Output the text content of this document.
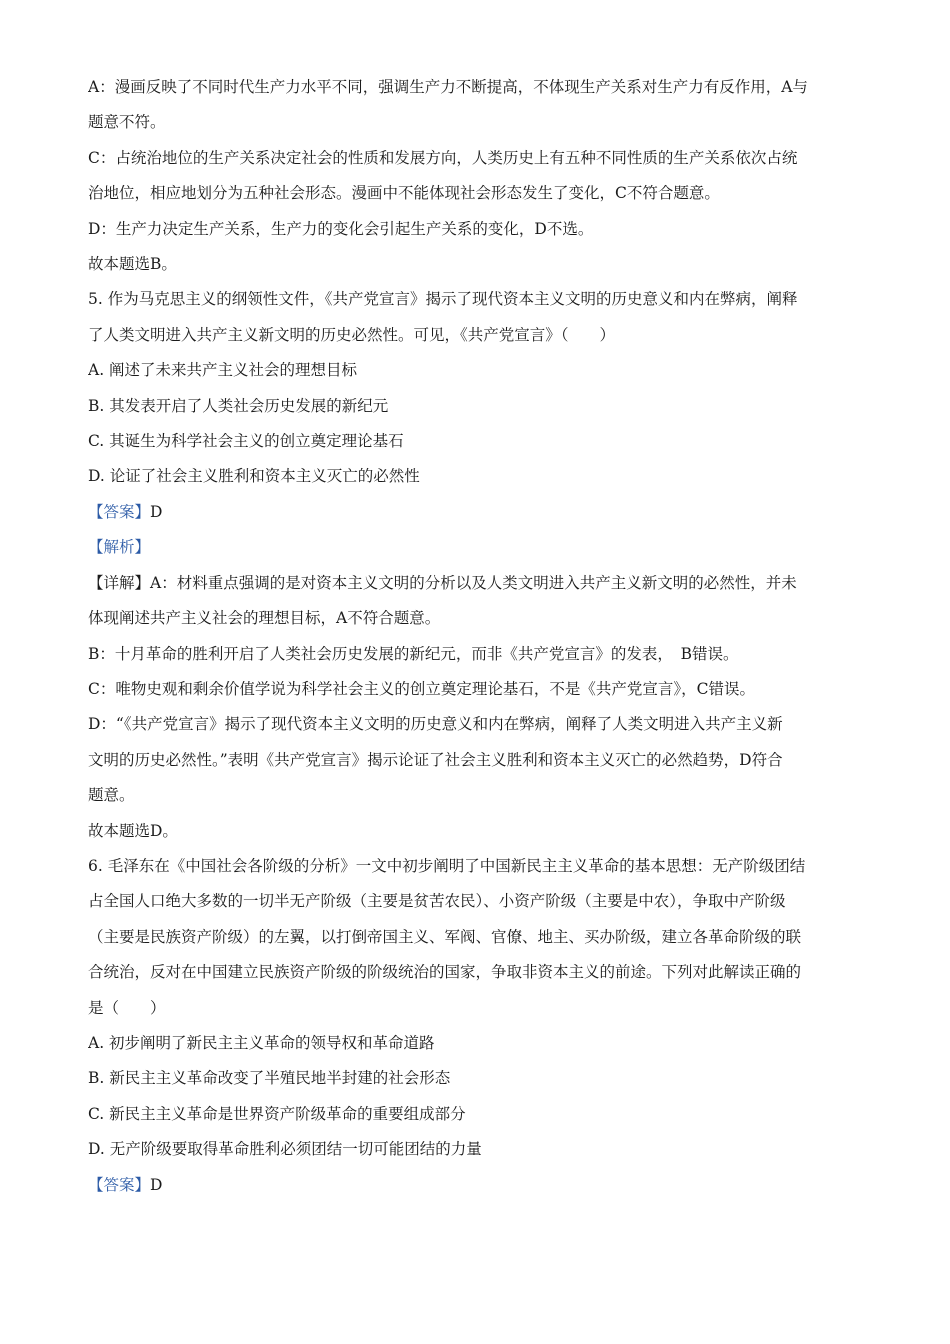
A：漫画反映了不同时代生产力水平不同，强调生产力不断提高，不体现生产关系对生产力有反作用，A与
题意不符。
C：占统治地位的生产关系决定社会的性质和发展方向，人类历史上有五种不同性质的生产关系依次占统
治地位，相应地划分为五种社会形态。漫画中不能体现社会形态发生了变化，C不符合题意。
D：生产力决定生产关系，生产力的变化会引起生产关系的变化，D不选。
故本题选B。
5. 作为马克思主义的纲领性文件，《共产党宣言》揭示了现代资本主义文明的历史意义和内在弊病，阐释
了人类文明进入共产主义新文明的历史必然性。可见，《共产党宣言》（　　）
A. 阐述了未来共产主义社会的理想目标
B. 其发表开启了人类社会历史发展的新纪元
C. 其诞生为科学社会主义的创立奠定理论基石
D. 论证了社会主义胜利和资本主义灭亡的必然性
【答案】D
【解析】
【详解】A：材料重点强调的是对资本主义文明的分析以及人类文明进入共产主义新文明的必然性，并未
体现阐述共产主义社会的理想目标，A不符合题意。
B：十月革命的胜利开启了人类社会历史发展的新纪元，而非《共产党宣言》的发表，　B错误。
C：唯物史观和剩余价值学说为科学社会主义的创立奠定理论基石，不是《共产党宣言》，C错误。
D：“《共产党宣言》揭示了现代资本主义文明的历史意义和内在弊病，阐释了人类文明进入共产主义新
文明的历史必然性。”表明《共产党宣言》揭示论证了社会主义胜利和资本主义灭亡的必然趋势，D符合
题意。
故本题选D。
6. 毛泽东在《中国社会各阶级的分析》一文中初步阐明了中国新民主主义革命的基本思想：无产阶级团结
占全国人口绝大多数的一切半无产阶级（主要是贫苦农民）、小资产阶级（主要是中农），争取中产阶级
（主要是民族资产阶级）的左翼，以打倒帝国主义、军阀、官僚、地主、买办阶级，建立各革命阶级的联
合统治，反对在中国建立民族资产阶级的阶级统治的国家，争取非资本主义的前途。下列对此解读正确的
是（　　）
A. 初步阐明了新民主主义革命的领导权和革命道路
B. 新民主主义革命改变了半殖民地半封建的社会形态
C. 新民主主义革命是世界资产阶级革命的重要组成部分
D. 无产阶级要取得革命胜利必须团结一切可能团结的力量
【答案】D
